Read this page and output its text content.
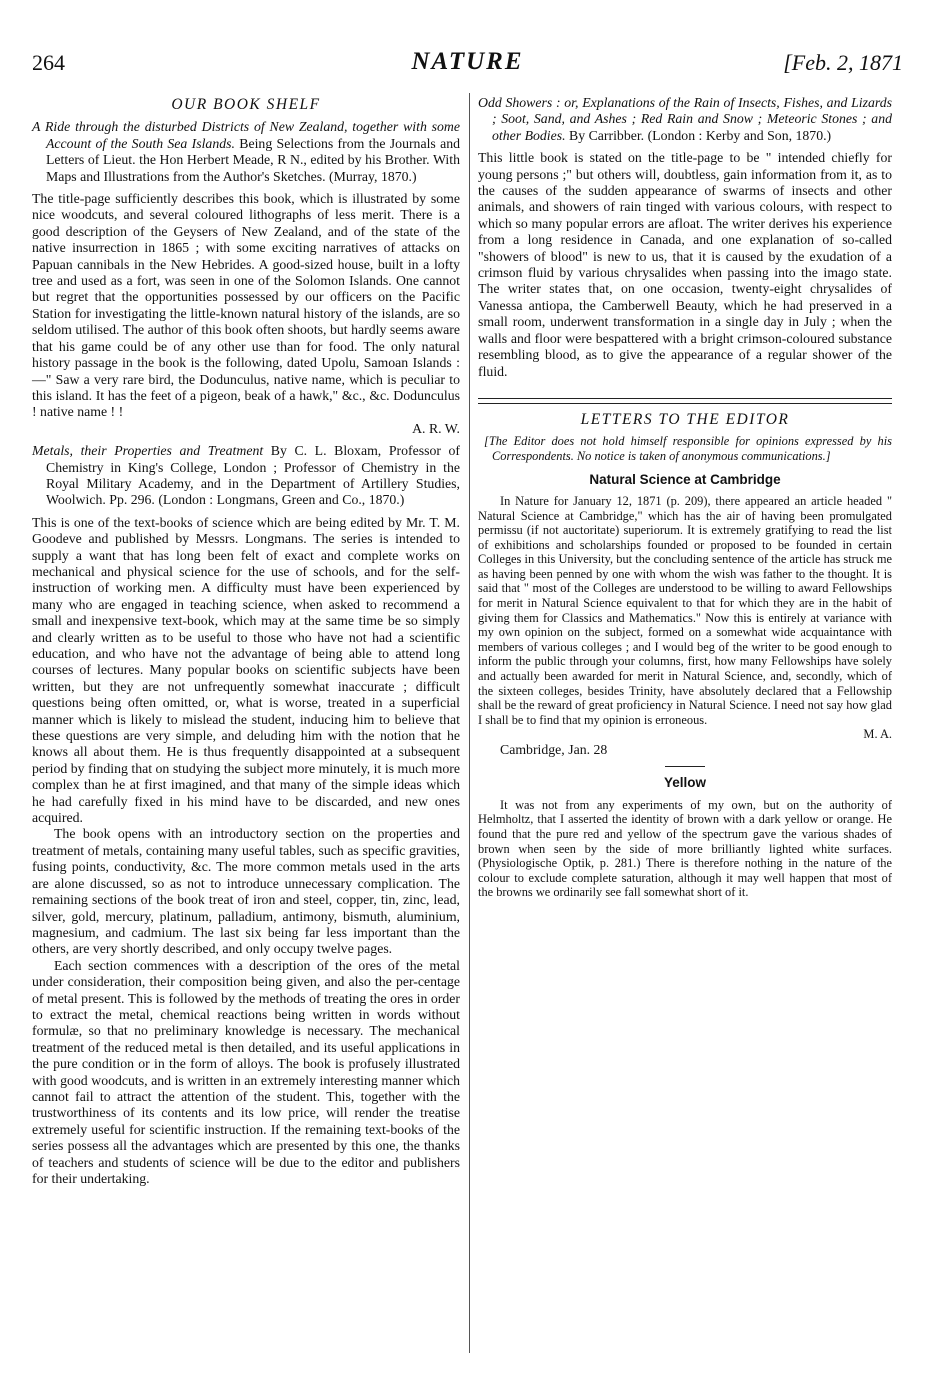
264	NATURE	[Feb. 2, 1871
OUR BOOK SHELF

A Ride through the disturbed Districts of New Zealand, together with some Account of the South Sea Islands. Being Selections from the Journals and Letters of Lieut. the Hon Herbert Meade, R N., edited by his Brother. With Maps and Illustrations from the Author's Sketches. (Murray, 1870.)

The title-page sufficiently describes this book, which is illustrated by some nice woodcuts, and several coloured lithographs of less merit. There is a good description of the Geysers of New Zealand, and of the state of the native insurrection in 1865 ; with some exciting narratives of attacks on Papuan cannibals in the New Hebrides. A good-sized house, built in a lofty tree and used as a fort, was seen in one of the Solomon Islands. One cannot but regret that the opportunities possessed by our officers on the Pacific Station for investigating the little-known natural history of the islands, are so seldom utilised. The author of this book often shoots, but hardly seems aware that his game could be of any other use than for food. The only natural history passage in the book is the following, dated Upolu, Samoan Islands :—" Saw a very rare bird, the Dodunculus, native name, which is peculiar to this island. It has the feet of a pigeon, beak of a hawk," &c., &c. Dodunculus ! native name ! !

A. R. W.

Metals, their Properties and Treatment By C. L. Bloxam, Professor of Chemistry in King's College, London ; Professor of Chemistry in the Royal Military Academy, and in the Department of Artillery Studies, Woolwich. Pp. 296. (London : Longmans, Green and Co., 1870.)

This is one of the text-books of science which are being edited by Mr. T. M. Goodeve and published by Messrs. Longmans. The series is intended to supply a want that has long been felt of exact and complete works on mechanical and physical science for the use of schools, and for the self-instruction of working men. A difficulty must have been experienced by many who are engaged in teaching science, when asked to recommend a small and inexpensive text-book, which may at the same time be so simply and clearly written as to be useful to those who have not had a scientific education, and who have not the advantage of being able to attend long courses of lectures. Many popular books on scientific subjects have been written, but they are not unfrequently somewhat inaccurate ; difficult questions being often omitted, or, what is worse, treated in a superficial manner which is likely to mislead the student, inducing him to believe that these questions are very simple, and deluding him with the notion that he knows all about them. He is thus frequently disappointed at a subsequent period by finding that on studying the subject more minutely, it is much more complex than he at first imagined, and that many of the simple ideas which he had carefully fixed in his mind have to be discarded, and new ones acquired.

The book opens with an introductory section on the properties and treatment of metals, containing many useful tables, such as specific gravities, fusing points, conductivity, &c. The more common metals used in the arts are alone discussed, so as not to introduce unnecessary complication. The remaining sections of the book treat of iron and steel, copper, tin, zinc, lead, silver, gold, mercury, platinum, palladium, antimony, bismuth, aluminium, magnesium, and cadmium. The last six being far less important than the others, are very shortly described, and only occupy twelve pages.

Each section commences with a description of the ores of the metal under consideration, their composition being given, and also the per-centage of metal present. This is followed by the methods of treating the ores in order to extract the metal, chemical reactions being written in words without formulæ, so that no preliminary knowledge is necessary. The mechanical treatment of the reduced metal is then detailed, and its useful applications in the pure condition or in the form of alloys. The book is profusely illustrated with good woodcuts, and is written in an extremely interesting manner which cannot fail to attract the attention of the student. This, together with the trustworthiness of its contents and its low price, will render the treatise extremely useful for scientific instruction. If the remaining text-books of the series possess all the advantages which are presented by this one, the thanks of teachers and students of science will be due to the editor and publishers for their undertaking.

Odd Showers : or, Explanations of the Rain of Insects, Fishes, and Lizards ; Soot, Sand, and Ashes ; Red Rain and Snow ; Meteoric Stones ; and other Bodies. By Carribber. (London : Kerby and Son, 1870.)

This little book is stated on the title-page to be " intended chiefly for young persons ;" but others will, doubtless, gain information from it, as to the causes of the sudden appearance of swarms of insects and other animals, and showers of rain tinged with various colours, with respect to which so many popular errors are afloat. The writer derives his experience from a long residence in Canada, and one explanation of so-called "showers of blood" is new to us, that it is caused by the exudation of a crimson fluid by various chrysalides when passing into the imago state. The writer states that, on one occasion, twenty-eight chrysalides of Vanessa antiopa, the Camberwell Beauty, which he had preserved in a small room, underwent transformation in a single day in July ; when the walls and floor were bespattered with a bright crimson-coloured substance resembling blood, as to give the appearance of a regular shower of the fluid.

LETTERS TO THE EDITOR

[The Editor does not hold himself responsible for opinions expressed by his Correspondents. No notice is taken of anonymous communications.]

Natural Science at Cambridge

In Nature for January 12, 1871 (p. 209), there appeared an article headed " Natural Science at Cambridge," which has the air of having been promulgated permissu (if not auctoritate) superiorum. It is extremely gratifying to read the list of exhibitions and scholarships founded or proposed to be founded in certain Colleges in this University, but the concluding sentence of the article has struck me as having been penned by one with whom the wish was father to the thought. It is said that " most of the Colleges are understood to be willing to award Fellowships for merit in Natural Science equivalent to that for which they are in the habit of giving them for Classics and Mathematics." Now this is entirely at variance with my own opinion on the subject, formed on a somewhat wide acquaintance with members of various colleges ; and I would beg of the writer to be good enough to inform the public through your columns, first, how many Fellowships have solely and actually been awarded for merit in Natural Science, and, secondly, which of the sixteen colleges, besides Trinity, have absolutely declared that a Fellowship shall be the reward of great proficiency in Natural Science. I need not say how glad I shall be to find that my opinion is erroneous.

M. A.

Cambridge, Jan. 28

Yellow

It was not from any experiments of my own, but on the authority of Helmholtz, that I asserted the identity of brown with a dark yellow or orange. He found that the pure red and yellow of the spectrum gave the various shades of brown when seen by the side of more brilliantly lighted white surfaces. (Physiologische Optik, p. 281.) There is therefore nothing in the nature of the colour to exclude complete saturation, although it may well happen that most of the browns we ordinarily see fall somewhat short of it.
